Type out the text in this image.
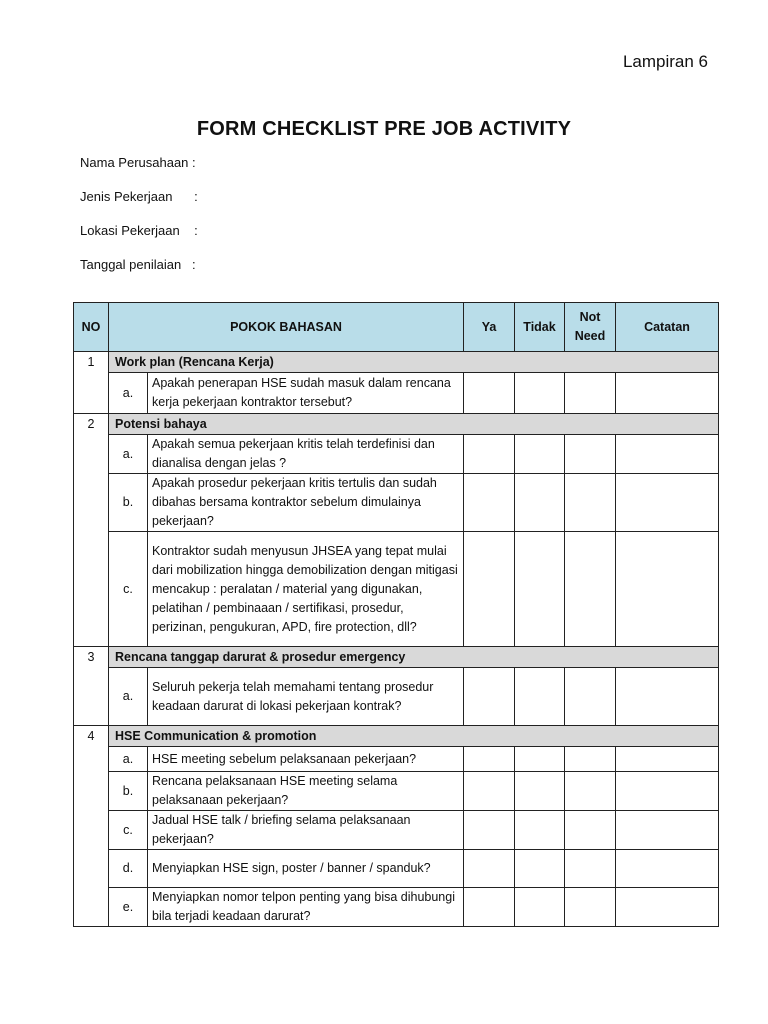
Lampiran 6
FORM CHECKLIST PRE JOB ACTIVITY
Nama Perusahaan :
Jenis Pekerjaan      :
Lokasi Pekerjaan    :
Tanggal penilaian   :
NO	POKOK BAHASAN		Ya	Tidak	Not Need	Catatan
1	Work plan (Rencana Kerja)					
	a.	Apakah penerapan HSE sudah masuk dalam rencana kerja pekerjaan kontraktor tersebut?				
2	Potensi bahaya					
	a.	Apakah semua pekerjaan kritis telah terdefinisi dan dianalisa dengan jelas ?				
	b.	Apakah prosedur pekerjaan kritis tertulis dan sudah dibahas bersama kontraktor sebelum dimulainya pekerjaan?				
	c.	Kontraktor sudah menyusun JHSEA yang tepat mulai dari mobilization hingga demobilization dengan mitigasi mencakup : peralatan / material yang digunakan, pelatihan / pembinaaan / sertifikasi, prosedur, perizinan, pengukuran, APD, fire protection, dll?				
3	Rencana tanggap darurat & prosedur emergency					
	a.	Seluruh pekerja telah memahami tentang prosedur keadaan darurat di lokasi pekerjaan kontrak?				
4	HSE Communication & promotion					
	a.	HSE meeting sebelum pelaksanaan pekerjaan?				
	b.	Rencana pelaksanaan HSE meeting selama pelaksanaan pekerjaan?				
	c.	Jadual HSE talk / briefing selama pelaksanaan pekerjaan?				
	d.	Menyiapkan HSE sign, poster / banner / spanduk?				
	e.	Menyiapkan nomor telpon penting yang bisa dihubungi bila terjadi keadaan darurat?				
